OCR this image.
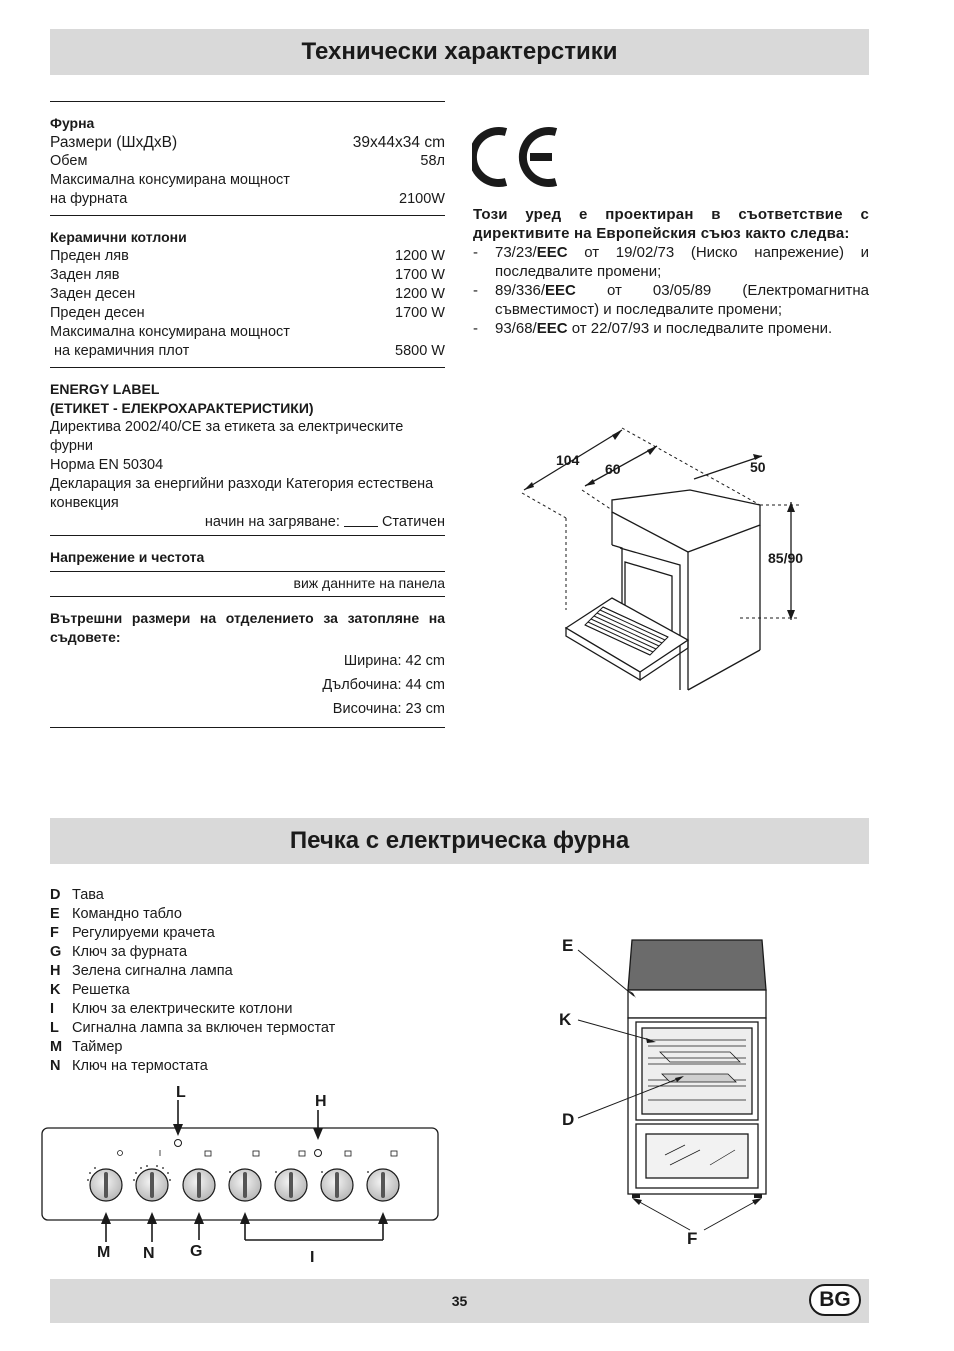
Технически характерстики
Фурна
Размери (ШхДхВ)	39x44x34 cm
Обем	58л
Максимална консумирана мощност
на фурната	2100W
Керамични котлони
Преден ляв	1200 W
Заден ляв	1700 W
Заден десен	1200 W
Преден десен	1700 W
Максимална консумирана мощност
на керамичния плот	5800 W
ENERGY LABEL
(ЕТИКЕТ - ЕЛЕКРОХАРАКТЕРИСТИКИ)
Директива 2002/40/CE за етикета за електрическите фурни
Норма EN 50304
Декларация за енергийни разходи Категория естествена конвекция
начин на загряване:	Статичен
Напрежение и честота
виж данните на панела
Вътрешни размери на отделението за затопляне на съдовете:
Ширина: 42 cm
Дълбочина: 44 cm
Височина: 23 cm
Този уред е проектиран в съответствие с директивите на Европейския съюз както следва:
-	73/23/EEC от 19/02/73 (Ниско напрежение) и последвалите промени;
-	89/336/EEC от 03/05/89 (Електромагнитна съвместимост) и последвалите промени;
-	93/68/EEC от 22/07/93 и последвалите промени.
104
60	50
85/90
Печка с електрическа фурна
D Тава
E Командно табло
F Регулируеми крачета
G Ключ за фурната
H Зелена сигнална лампа
K Решетка
I	Ключ за електрическите котлони
L Сигнална лампа за включен термостат
M Таймер
N Ключ на термостата
L
H
M N G	I
E
K
D
F
35	BG
